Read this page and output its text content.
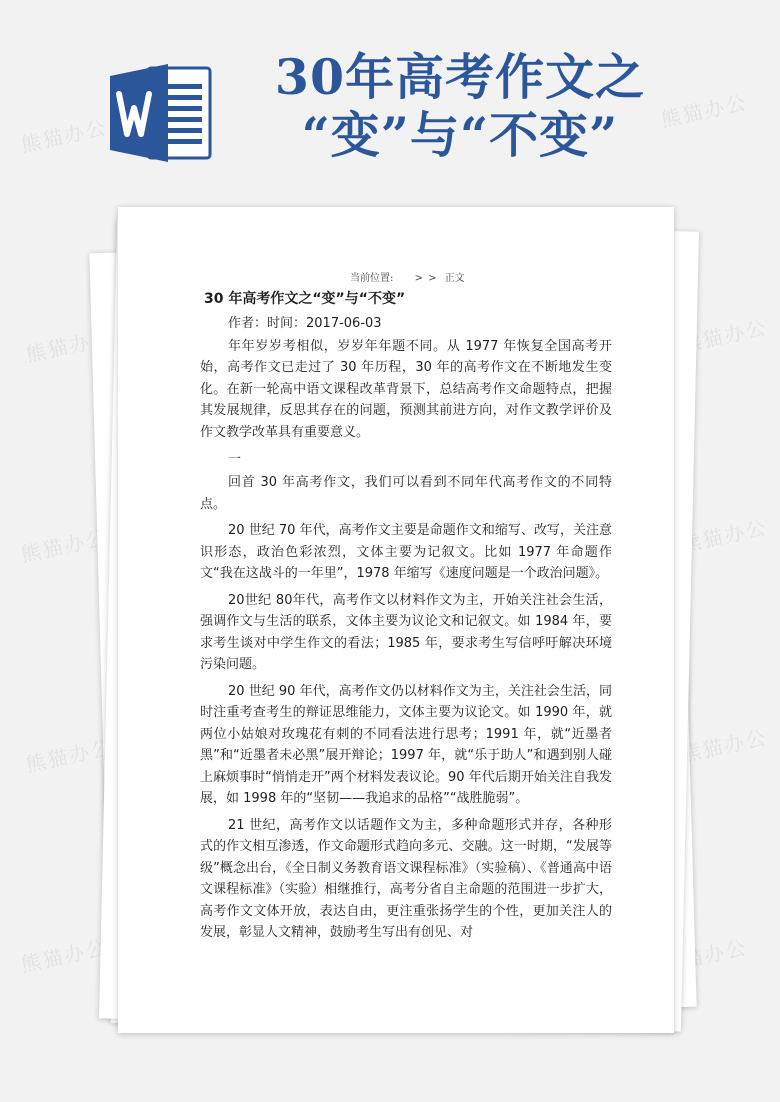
熊猫办公
熊猫办公
熊猫办公	熊猫办公
熊猫办公	熊猫办公
熊猫办公	熊猫办公
熊猫办公	熊猫办公
30年高考作文之
“变”与“不变”
当前位置: > > 正文
30 年高考作文之“变”与“不变”
作者：时间：2017-06-03
年年岁岁考相似，岁岁年年题不同。从 1977 年恢复全国高考开始，高考作文已走过了 30 年历程，30 年的高考作文在不断地发生变化。在新一轮高中语文课程改革背景下，总结高考作文命题特点，把握其发展规律，反思其存在的问题，预测其前进方向，对作文教学评价及作文教学改革具有重要意义。
一
回首 30 年高考作文，我们可以看到不同年代高考作文的不同特点。
20 世纪 70 年代，高考作文主要是命题作文和缩写、改写，关注意识形态，政治色彩浓烈，文体主要为记叙文。比如 1977 年命题作文“我在这战斗的一年里”，1978 年缩写《速度问题是一个政治问题》。
20世纪 80年代，高考作文以材料作文为主，开始关注社会生活，强调作文与生活的联系，文体主要为议论文和记叙文。如 1984 年，要求考生谈对中学生作文的看法；1985 年，要求考生写信呼吁解决环境污染问题。
20 世纪 90 年代，高考作文仍以材料作文为主，关注社会生活，同时注重考查考生的辩证思维能力，文体主要为议论文。如 1990 年，就两位小姑娘对玫瑰花有刺的不同看法进行思考；1991 年，就“近墨者黑”和“近墨者未必黑”展开辩论；1997 年，就“乐于助人”和遇到别人碰上麻烦事时“悄悄走开”两个材料发表议论。90 年代后期开始关注自我发展，如 1998 年的“坚韧——我追求的品格”“战胜脆弱”。
21 世纪，高考作文以话题作文为主，多种命题形式并存，各种形式的作文相互渗透，作文命题形式趋向多元、交融。这一时期，“发展等级”概念出台，《全日制义务教育语文课程标准》（实验稿）、《普通高中语文课程标准》（实验）相继推行，高考分省自主命题的范围进一步扩大，高考作文文体开放，表达自由，更注重张扬学生的个性，更加关注人的发展，彰显人文精神，鼓励考生写出有创见、对
